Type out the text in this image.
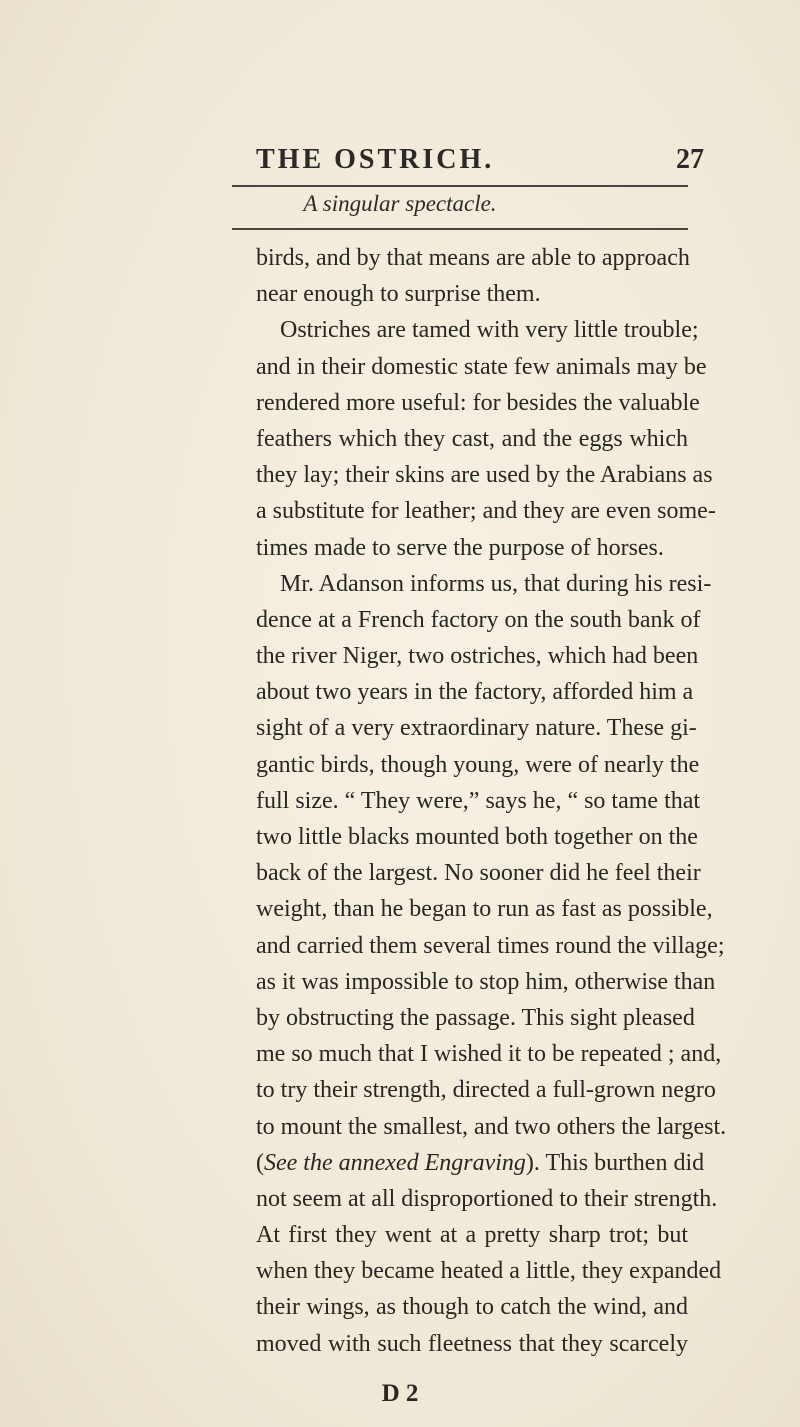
THE OSTRICH.	27
A singular spectacle.
birds, and by that means are able to approach
near enough to surprise them.
Ostriches are tamed with very little trouble;
and in their domestic state few animals may be
rendered more useful: for besides the valuable
feathers which they cast, and the eggs which
they lay; their skins are used by the Arabians as
a substitute for leather; and they are even some-
times made to serve the purpose of horses.
Mr. Adanson informs us, that during his resi-
dence at a French factory on the south bank of
the river Niger, two ostriches, which had been
about two years in the factory, afforded him a
sight of a very extraordinary nature. These gi-
gantic birds, though young, were of nearly the
full size. “ They were,” says he, “ so tame that
two little blacks mounted both together on the
back of the largest. No sooner did he feel their
weight, than he began to run as fast as possible,
and carried them several times round the village;
as it was impossible to stop him, otherwise than
by obstructing the passage. This sight pleased
me so much that I wished it to be repeated ; and,
to try their strength, directed a full-grown negro
to mount the smallest, and two others the largest.
(See the annexed Engraving). This burthen did
not seem at all disproportioned to their strength.
At first they went at a pretty sharp trot; but
when they became heated a little, they expanded
their wings, as though to catch the wind, and
moved with such fleetness that they scarcely
D 2
